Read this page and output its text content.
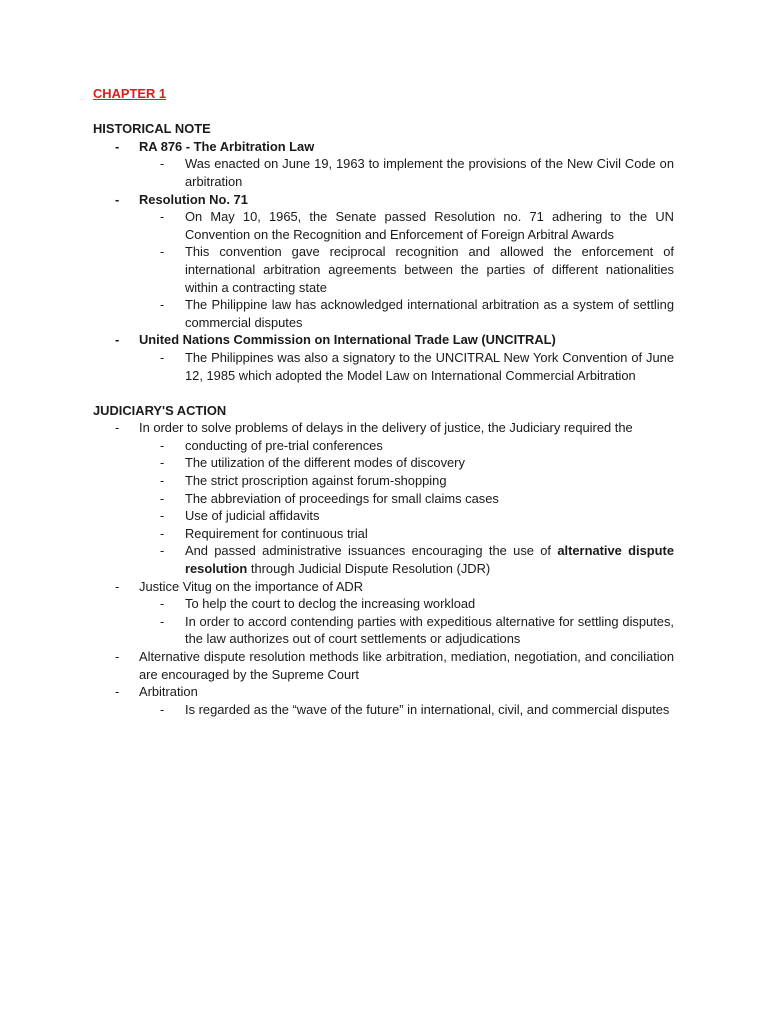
CHAPTER 1
HISTORICAL NOTE
- RA 876 - The Arbitration Law
- Was enacted on June 19, 1963 to implement the provisions of the New Civil Code on arbitration
- Resolution No. 71
- On May 10, 1965, the Senate passed Resolution no. 71 adhering to the UN Convention on the Recognition and Enforcement of Foreign Arbitral Awards
- This convention gave reciprocal recognition and allowed the enforcement of international arbitration agreements between the parties of different nationalities within a contracting state
- The Philippine law has acknowledged international arbitration as a system of settling commercial disputes
- United Nations Commission on International Trade Law (UNCITRAL)
- The Philippines was also a signatory to the UNCITRAL New York Convention of June 12, 1985 which adopted the Model Law on International Commercial Arbitration
JUDICIARY'S ACTION
- In order to solve problems of delays in the delivery of justice, the Judiciary required the
- conducting of pre-trial conferences
- The utilization of the different modes of discovery
- The strict proscription against forum-shopping
- The abbreviation of proceedings for small claims cases
- Use of judicial affidavits
- Requirement for continuous trial
- And passed administrative issuances encouraging the use of alternative dispute resolution through Judicial Dispute Resolution (JDR)
- Justice Vitug on the importance of ADR
- To help the court to declog the increasing workload
- In order to accord contending parties with expeditious alternative for settling disputes, the law authorizes out of court settlements or adjudications
- Alternative dispute resolution methods like arbitration, mediation, negotiation, and conciliation are encouraged by the Supreme Court
- Arbitration
- Is regarded as the “wave of the future” in international, civil, and commercial disputes
